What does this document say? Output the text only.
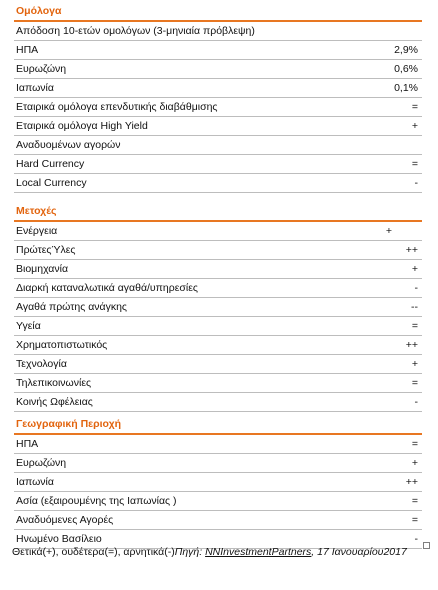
Ομόλογα
Απόδοση 10-ετών ομολόγων (3-μηνιαία πρόβλεψη)
ΗΠΑ	2,9%
Ευρωζώνη	0,6%
Ιαπωνία	0,1%
Εταιρικά ομόλογα επενδυτικής διαβάθμισης	=
Εταιρικά ομόλογα High Yield	+
Αναδυομένων αγορών
Hard Currency	=
Local Currency	-
Μετοχές
Ενέργεια	+
ΠρώτεςΎλες	++
Βιομηχανία	+
Διαρκή καταναλωτικά αγαθά/υπηρεσίες	-
Αγαθά πρώτης ανάγκης	--
Υγεία	=
Χρηματοπιστωτικός	++
Τεχνολογία	+
Τηλεπικοινωνίες	=
Κοινής Ωφέλειας	-
Γεωγραφική Περιοχή
ΗΠΑ	=
Ευρωζώνη	+
Ιαπωνία	++
Ασία (εξαιρουμένης της Ιαπωνίας )	=
Αναδυόμενες Αγορές	=
Ηνωμένο Βασίλειο	-
Θετικά(+), ουδέτερα(=), αρνητικά(-)Πηγή: NNInvestmentPartners, 17 Ιανουαρίου2017
